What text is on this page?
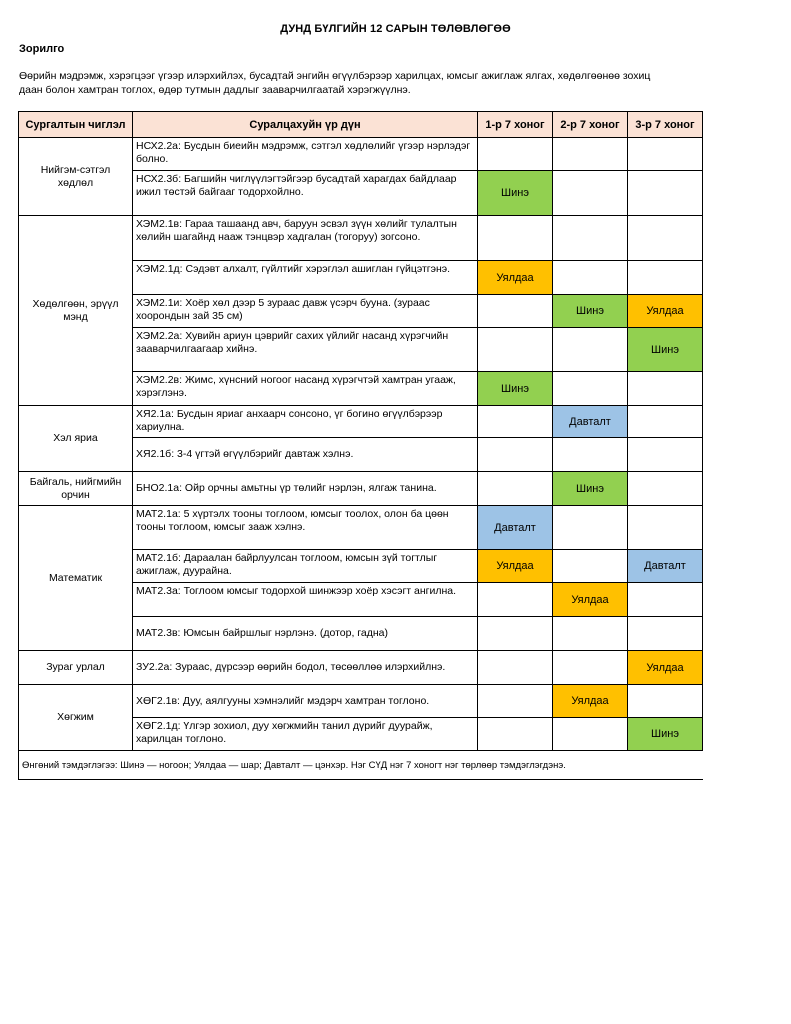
ДУНД БҮЛГИЙН 12 САРЫН ТӨЛӨВЛӨГӨӨ
Зорилго
Өөрийн мэдрэмж, хэрэгцээг үгээр илэрхийлэх, бусадтай энгийн өгүүлбэрээр харилцах, юмсыг ажиглаж ялгах, хөдөлгөөнөө зохиц
даан болон хамтран тоглох, өдөр тутмын дадлыг зааварчилгаатай хэрэгжүүлнэ.
Сургалтын чиглэл	Суралцахуйн үр дүн	1-р 7 хоног	2-р 7 хоног	3-р 7 хоног
Нийгэм-сэтгэл хөдлөл	НСХ2.2а: Бусдын биеийн мэдрэмж, сэтгэл хөдлөлийг үгээр нэрлэдэг болно.			
	НСХ2.3б: Багшийн чиглүүлэгтэйгээр бусадтай харагдах байдлаар ижил төстэй байгааг тодорхойлно.	Шинэ		
Хөдөлгөөн, эрүүл мэнд	ХЭМ2.1в: Гараа ташаанд авч, баруун эсвэл зүүн хөлийг тулалтын хөлийн шагайнд нааж тэнцвэр хадгалан (тогоруу) зогсоно.			
	ХЭМ2.1д: Сэдэвт алхалт, гүйлтийг хэрэглэл ашиглан гүйцэтгэнэ.	Уялдаа		
	ХЭМ2.1и: Хоёр хөл дээр 5 зураас давж үсэрч бууна. (зураас хоорондын зай 35 см)		Шинэ	Уялдаа
	ХЭМ2.2а: Хувийн ариун цэврийг сахих үйлийг насанд хүрэгчийн зааварчилгаагаар хийнэ.			Шинэ
	ХЭМ2.2в: Жимс, хүнсний ногоог насанд хүрэгчтэй хамтран угааж, хэрэглэнэ.	Шинэ		
Хэл яриа	ХЯ2.1а: Бусдын яриаг анхаарч сонсоно, үг богино өгүүлбэрээр хариулна.		Давталт	
	ХЯ2.1б: 3-4 үгтэй өгүүлбэрийг давтаж хэлнэ.			
Байгаль, нийгмийн орчин	БНО2.1а: Ойр орчны амьтны үр төлийг нэрлэн, ялгаж танина.		Шинэ	
Математик	МАТ2.1а: 5 хүртэлх тооны тоглоом, юмсыг тоолох, олон ба цөөн тооны тоглоом, юмсыг зааж хэлнэ.	Давталт		
	МАТ2.1б: Дараалан байрлуулсан тоглоом, юмсын зүй тогтлыг ажиглаж, дуурайна.	Уялдаа		Давталт
	МАТ2.3а: Тоглоом юмсыг тодорхой шинжээр хоёр хэсэгт ангилна.		Уялдаа	
	МАТ2.3в: Юмсын байршлыг нэрлэнэ. (дотор, гадна)			
Зураг урлал	ЗУ2.2а: Зураас, дүрсээр өөрийн бодол, төсөөллөө илэрхийлнэ.			Уялдаа
Хөгжим	ХӨГ2.1в: Дуу, аялгууны хэмнэлийг мэдэрч хамтран тоглоно.		Уялдаа	
	ХӨГ2.1д: Үлгэр зохиол, дуу хөгжмийн танил дүрийг дуурайж, харилцан тоглоно.			Шинэ
Өнгөний тэмдэглэгээ: Шинэ — ногоон; Уялдаа — шар; Давталт — цэнхэр. Нэг СҮД нэг 7 хоногт нэг төрлөөр тэмдэглэгдэнэ.				
